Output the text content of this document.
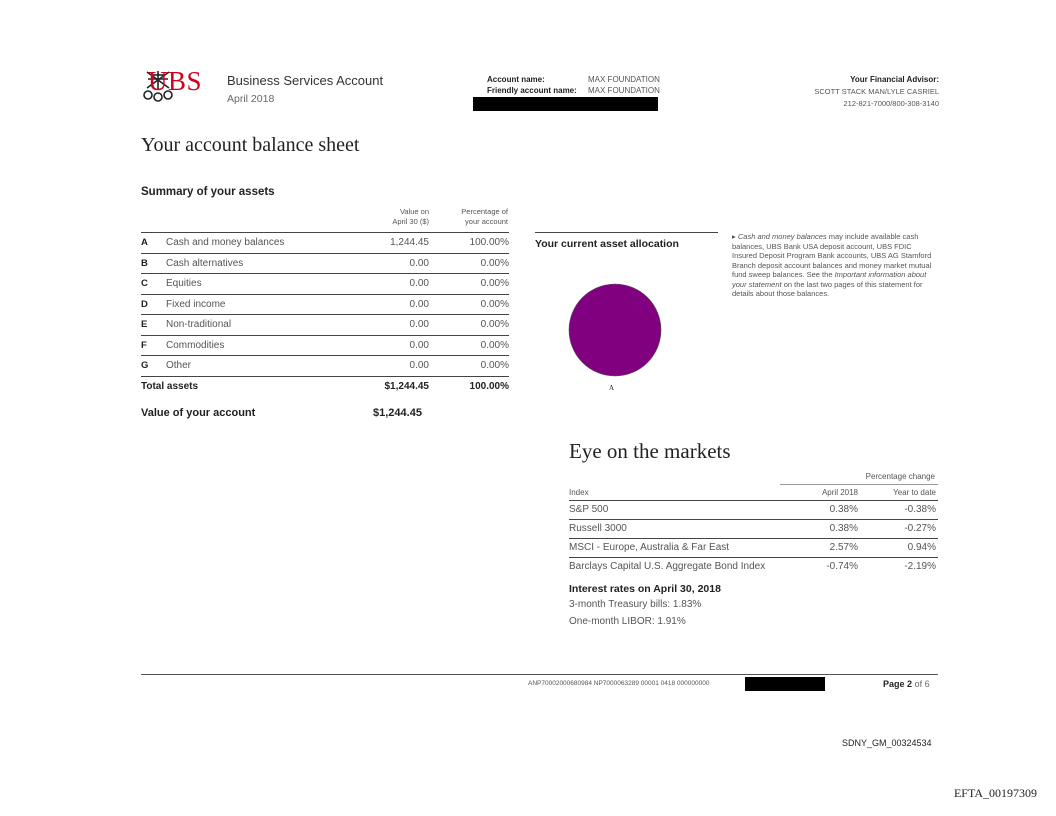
UBS Business Services Account
April 2018
Account name:	MAX FOUNDATION
Friendly account name: MAX FOUNDATION
Your Financial Advisor:
SCOTT STACK MAN/LYLE CASRIEL
212-821-7000/800-308-3140
Your account balance sheet
Summary of your assets
Value on
April 30 ($)
Percentage of
your account
A Cash and money balances	1,244.45	100.00%
B Cash alternatives	0.00	0.00%
C Equities	0.00	0.00%
D Fixed income	0.00	0.00%
E Non-traditional	0.00	0.00%
F Commodities	0.00	0.00%
G Other	0.00	0.00%
Total assets	$1,244.45	100.00%
Value of your account	$1,244.45
Your current asset allocation
A
▸ Cash and money balances may include available cash balances, UBS Bank USA deposit account, UBS FDIC Insured Deposit Program Bank accounts, UBS AG Stamford Branch deposit account balances and money market mutual fund sweep balances. See the Important information about your statement on the last two pages of this statement for details about those balances.
Eye on the markets
Percentage change
Index	April 2018	Year to date
S&P 500	0.38%	-0.38%
Russell 3000	0.38%	-0.27%
MSCI - Europe, Australia & Far East	2.57%	0.94%
Barclays Capital U.S. Aggregate Bond Index	-0.74%	-2.19%
Interest rates on April 30, 2018
3-month Treasury bills: 1.83%
One-month LIBOR: 1.91%
ANP70002000680984 NP7000063289 00001 0418 000000000	Page 2 of 6
SDNY_GM_00324534
EFTA_00197309
